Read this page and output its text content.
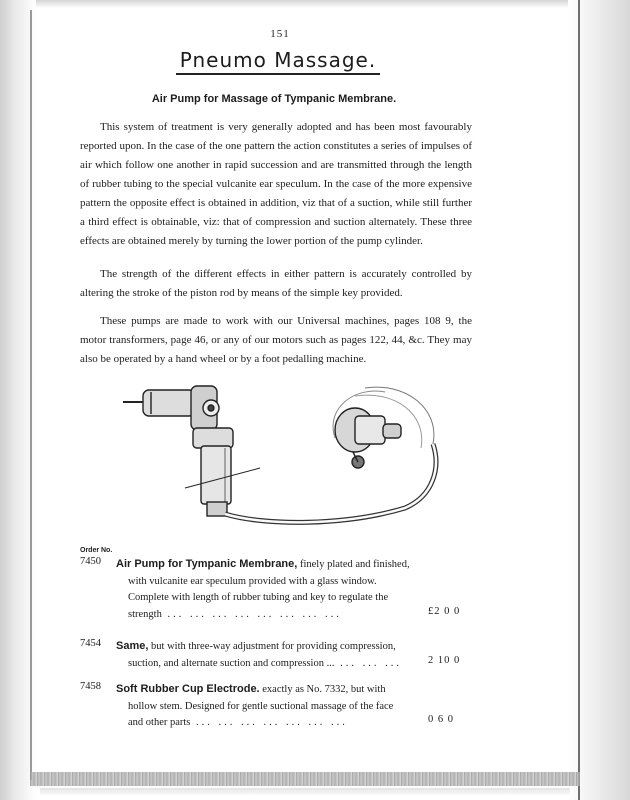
151
Pneumo Massage.
Air Pump for Massage of Tympanic Membrane.

This system of treatment is very generally adopted and has been most favourably reported upon. In the case of the one pattern the action constitutes a series of impulses of air which follow one another in rapid succession and are transmitted through the length of rubber tubing to the special vulcanite ear speculum. In the case of the more expensive pattern the opposite effect is obtained in addition, viz that of a suction, while still further a third effect is obtainable, viz: that of compression and suction alternately. These three effects are obtained merely by turning the lower portion of the pump cylinder.

The strength of the different effects in either pattern is accurately controlled by altering the stroke of the piston rod by means of the simple key provided.

These pumps are made to work with our Universal machines, pages 108 9, the motor transformers, page 46, or any of our motors such as pages 122, 44, &c. They may also be operated by a hand wheel or by a foot pedalling machine.

Order No.
7450	Air Pump for Tympanic Membrane, finely plated and finished,
with vulcanite ear speculum provided with a glass window.
Complete with length of rubber tubing and key to regulate the
strength ... ... ... ... ... ... ... ...	£2 0 0
7454	Same, but with three-way adjustment for providing compression,
suction, and alternate suction and compression ... ... ... ...	2 10 0
7458	Soft Rubber Cup Electrode. exactly as No. 7332, but with
hollow stem. Designed for gentle suctional massage of the face
and other parts ... ... ... ... ... ... ...	0 6 0
